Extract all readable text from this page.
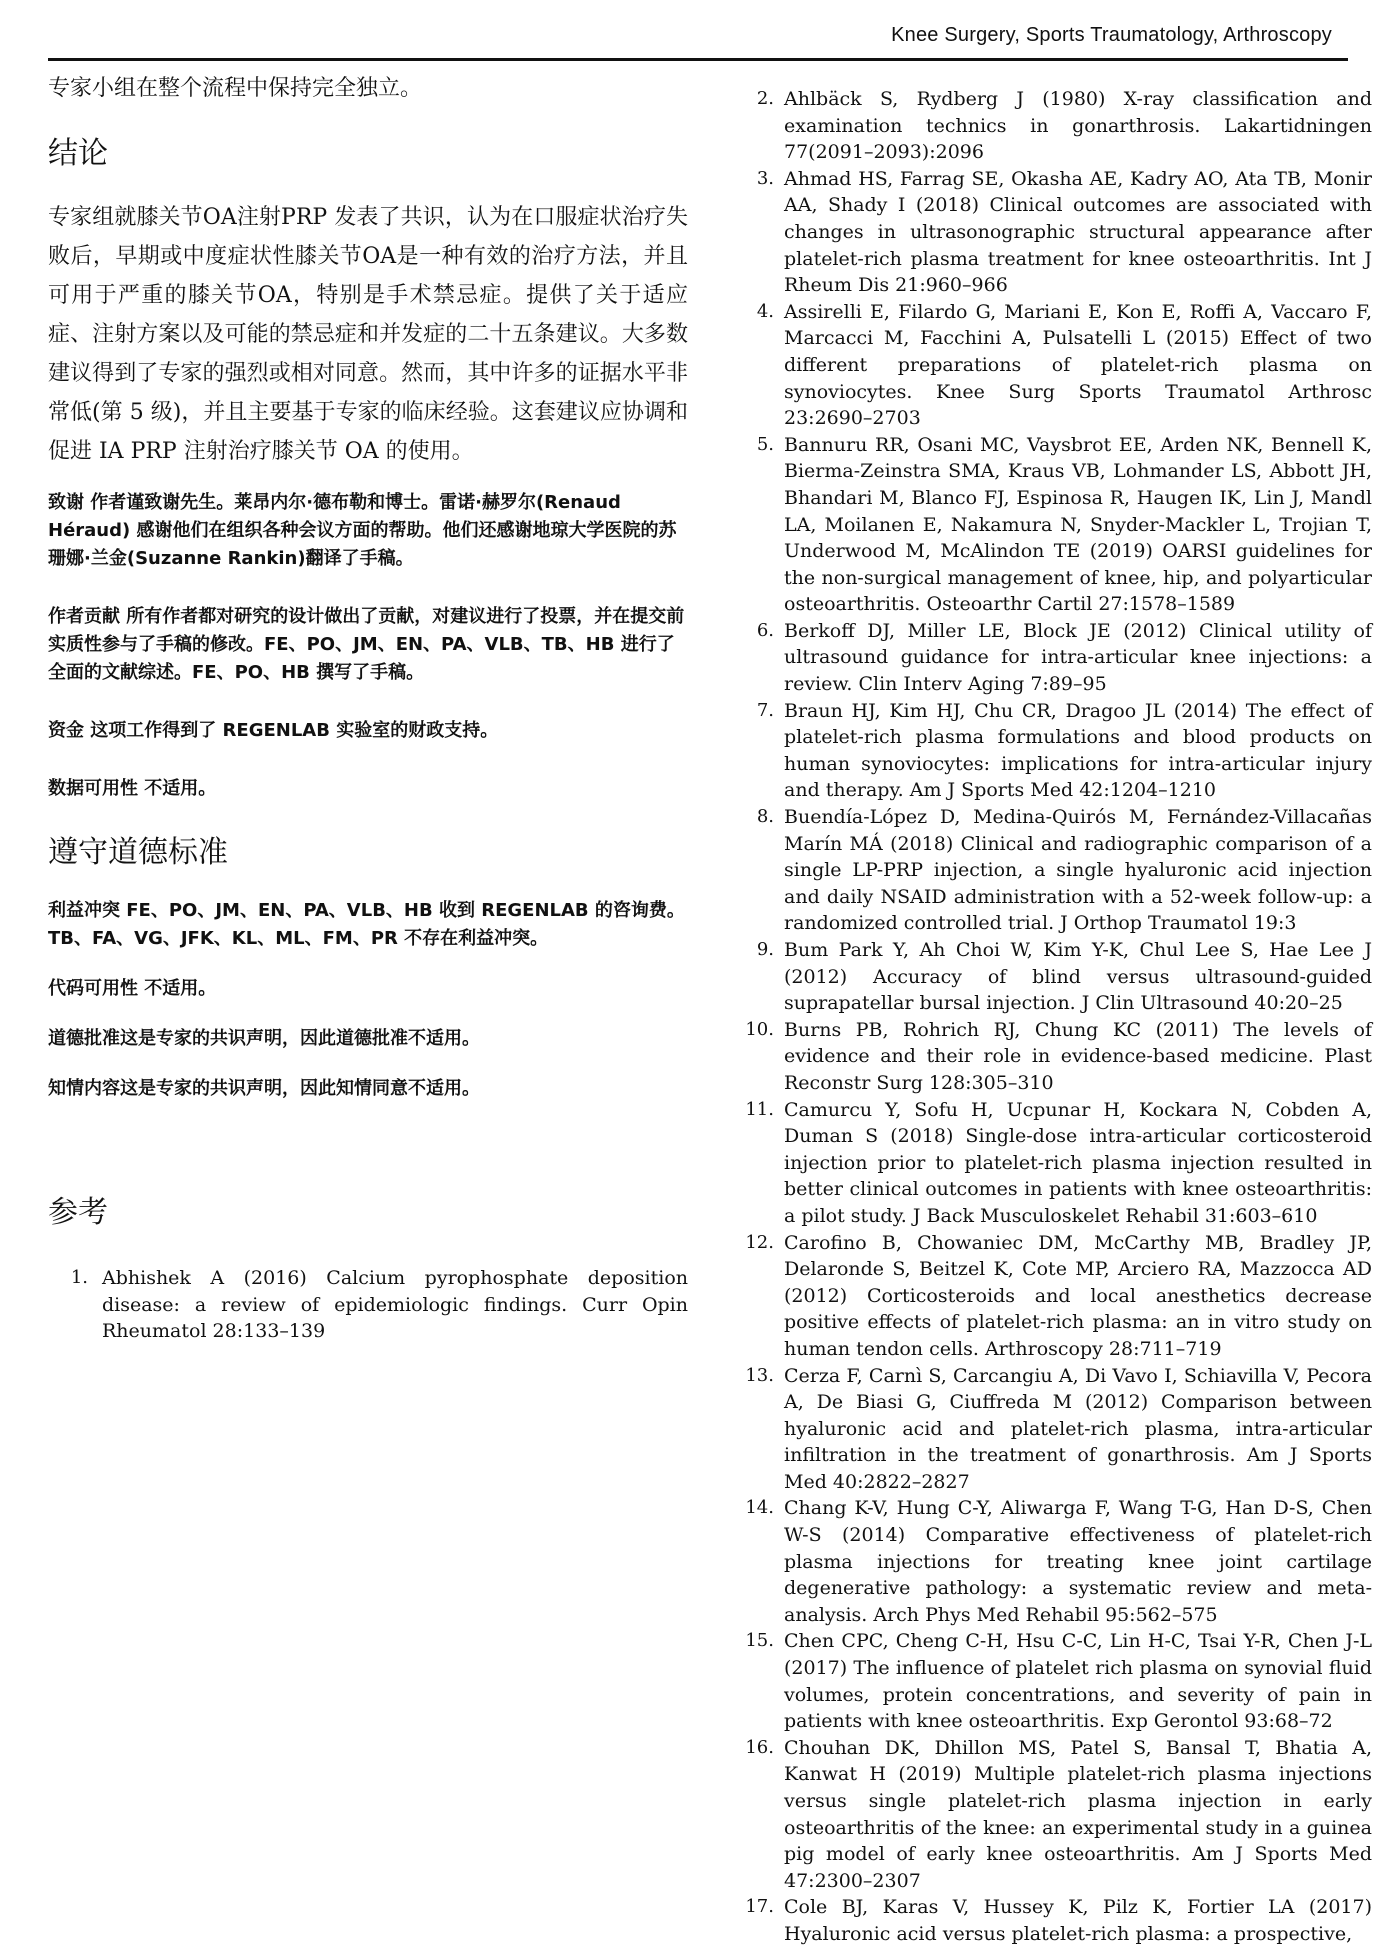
Knee Surgery, Sports Traumatology, Arthroscopy

专家小组在整个流程中保持完全独立。

结论

专家组就膝关节OA注射PRP 发表了共识，认为在口服症状治疗失败后，早期或中度症状性膝关节OA是一种有效的治疗方法，并且可用于严重的膝关节OA，特别是手术禁忌症。提供了关于适应症、注射方案以及可能的禁忌症和并发症的二十五条建议。大多数建议得到了专家的强烈或相对同意。然而，其中许多的证据水平非常低(第 5 级)，并且主要基于专家的临床经验。这套建议应协调和促进 IA PRP 注射治疗膝关节 OA 的使用。

致谢 作者谨致谢先生。莱昂内尔·德布勒和博士。雷诺·赫罗尔(Renaud Héraud) 感谢他们在组织各种会议方面的帮助。他们还感谢地琼大学医院的苏珊娜·兰金(Suzanne Rankin)翻译了手稿。

作者贡献 所有作者都对研究的设计做出了贡献，对建议进行了投票，并在提交前实质性参与了手稿的修改。FE、PO、JM、EN、PA、VLB、TB、HB 进行了全面的文献综述。FE、PO、HB 撰写了手稿。

资金 这项工作得到了 REGENLAB 实验室的财政支持。

数据可用性 不适用。

遵守道德标准

利益冲突 FE、PO、JM、EN、PA、VLB、HB 收到 REGENLAB 的咨询费。TB、FA、VG、JFK、KL、ML、FM、PR 不存在利益冲突。

代码可用性 不适用。

道德批准这是专家的共识声明，因此道德批准不适用。

知情内容这是专家的共识声明，因此知情同意不适用。

参考
1. Abhishek A (2016) Calcium pyrophosphate deposition disease: a review of epidemiologic findings. Curr Opin Rheumatol 28:133–139
2. Ahlbäck S, Rydberg J (1980) X-ray classification and examination technics in gonarthrosis. Lakartidningen 77(2091–2093):2096
3. Ahmad HS, Farrag SE, Okasha AE, Kadry AO, Ata TB, Monir AA, Shady I (2018) Clinical outcomes are associated with changes in ultrasonographic structural appearance after platelet-rich plasma treatment for knee osteoarthritis. Int J Rheum Dis 21:960–966
4. Assirelli E, Filardo G, Mariani E, Kon E, Roffi A, Vaccaro F, Marcacci M, Facchini A, Pulsatelli L (2015) Effect of two different preparations of platelet-rich plasma on synoviocytes. Knee Surg Sports Traumatol Arthrosc 23:2690–2703
5. Bannuru RR, Osani MC, Vaysbrot EE, Arden NK, Bennell K, Bierma-Zeinstra SMA, Kraus VB, Lohmander LS, Abbott JH, Bhandari M, Blanco FJ, Espinosa R, Haugen IK, Lin J, Mandl LA, Moilanen E, Nakamura N, Snyder-Mackler L, Trojian T, Underwood M, McAlindon TE (2019) OARSI guidelines for the non-surgical management of knee, hip, and polyarticular osteoarthritis. Osteoarthr Cartil 27:1578–1589
6. Berkoff DJ, Miller LE, Block JE (2012) Clinical utility of ultrasound guidance for intra-articular knee injections: a review. Clin Interv Aging 7:89–95
7. Braun HJ, Kim HJ, Chu CR, Dragoo JL (2014) The effect of platelet-rich plasma formulations and blood products on human synoviocytes: implications for intra-articular injury and therapy. Am J Sports Med 42:1204–1210
8. Buendía-López D, Medina-Quirós M, Fernández-Villacañas Marín MÁ (2018) Clinical and radiographic comparison of a single LP-PRP injection, a single hyaluronic acid injection and daily NSAID administration with a 52-week follow-up: a randomized controlled trial. J Orthop Traumatol 19:3
9. Bum Park Y, Ah Choi W, Kim Y-K, Chul Lee S, Hae Lee J (2012) Accuracy of blind versus ultrasound-guided suprapatellar bursal injection. J Clin Ultrasound 40:20–25
10. Burns PB, Rohrich RJ, Chung KC (2011) The levels of evidence and their role in evidence-based medicine. Plast Reconstr Surg 128:305–310
11. Camurcu Y, Sofu H, Ucpunar H, Kockara N, Cobden A, Duman S (2018) Single-dose intra-articular corticosteroid injection prior to platelet-rich plasma injection resulted in better clinical outcomes in patients with knee osteoarthritis: a pilot study. J Back Musculoskelet Rehabil 31:603–610
12. Carofino B, Chowaniec DM, McCarthy MB, Bradley JP, Delaronde S, Beitzel K, Cote MP, Arciero RA, Mazzocca AD (2012) Corticosteroids and local anesthetics decrease positive effects of platelet-rich plasma: an in vitro study on human tendon cells. Arthroscopy 28:711–719
13. Cerza F, Carnì S, Carcangiu A, Di Vavo I, Schiavilla V, Pecora A, De Biasi G, Ciuffreda M (2012) Comparison between hyaluronic acid and platelet-rich plasma, intra-articular infiltration in the treatment of gonarthrosis. Am J Sports Med 40:2822–2827
14. Chang K-V, Hung C-Y, Aliwarga F, Wang T-G, Han D-S, Chen W-S (2014) Comparative effectiveness of platelet-rich plasma injections for treating knee joint cartilage degenerative pathology: a systematic review and meta-analysis. Arch Phys Med Rehabil 95:562–575
15. Chen CPC, Cheng C-H, Hsu C-C, Lin H-C, Tsai Y-R, Chen J-L (2017) The influence of platelet rich plasma on synovial fluid volumes, protein concentrations, and severity of pain in patients with knee osteoarthritis. Exp Gerontol 93:68–72
16. Chouhan DK, Dhillon MS, Patel S, Bansal T, Bhatia A, Kanwat H (2019) Multiple platelet-rich plasma injections versus single platelet-rich plasma injection in early osteoarthritis of the knee: an experimental study in a guinea pig model of early knee osteoarthritis. Am J Sports Med 47:2300–2307
17. Cole BJ, Karas V, Hussey K, Pilz K, Fortier LA (2017) Hyaluronic acid versus platelet-rich plasma: a prospective,
